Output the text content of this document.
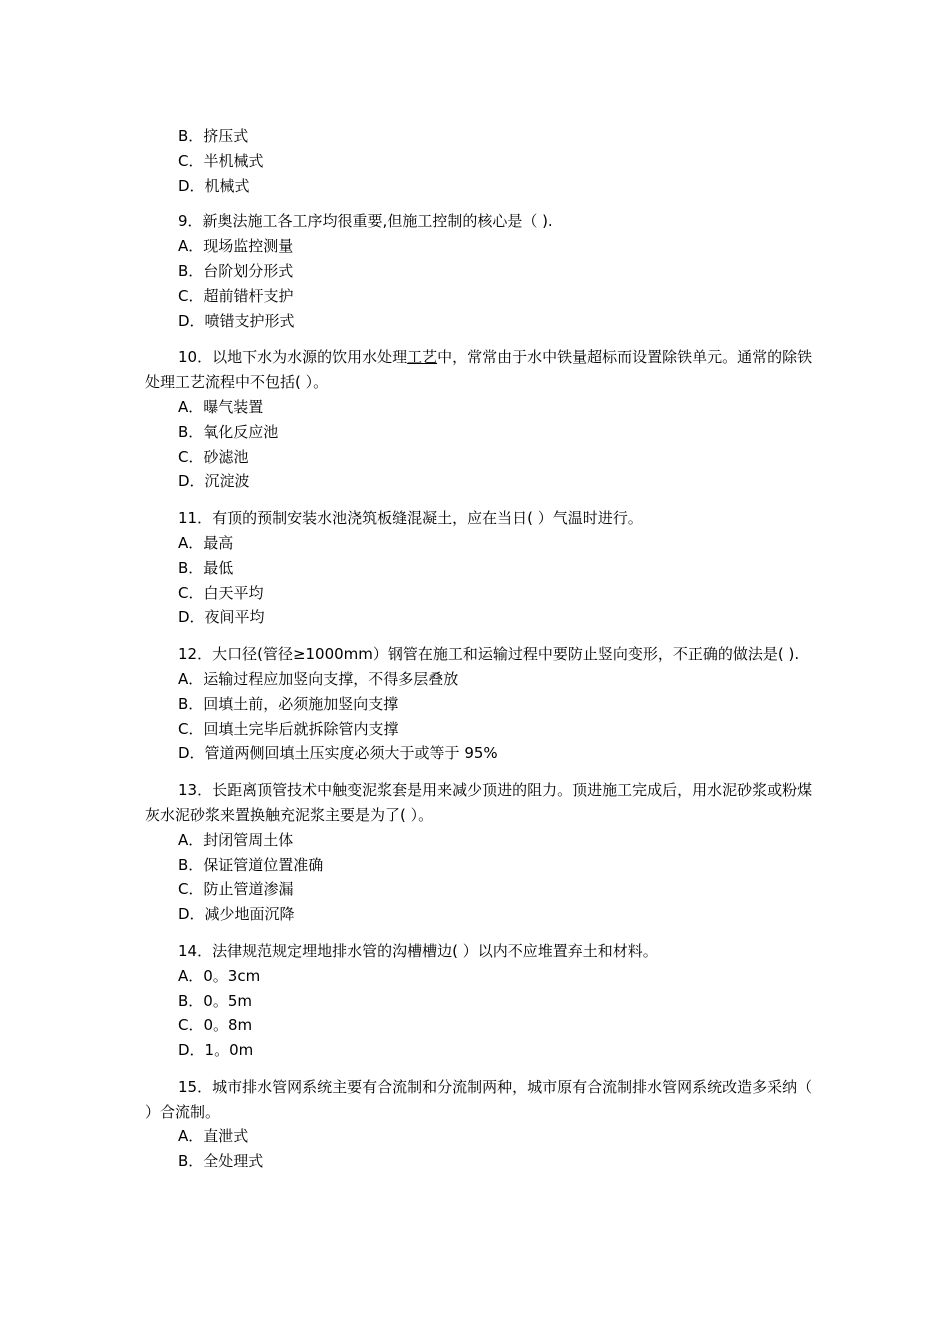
B．挤压式
C．半机械式
D．机械式
9．新奥法施工各工序均很重要,但施工控制的核心是（ ).
A．现场监控测量
B．台阶划分形式
C．超前错杆支护
D．喷错支护形式
10．以地下水为水源的饮用水处理工艺中，常常由于水中铁量超标而设置除铁单元。通常的除铁处理工艺流程中不包括( ）。
A．曝气装置
B．氧化反应池
C．砂滤池
D．沉淀波
11．有顶的预制安装水池浇筑板缝混凝土，应在当日( ）气温时进行。
A．最高
B．最低
C．白天平均
D．夜间平均
12．大口径(管径≥1000mm）钢管在施工和运输过程中要防止竖向变形，不正确的做法是( ).
A．运输过程应加竖向支撑，不得多层叠放
B．回填土前，必须施加竖向支撑
C．回填土完毕后就拆除管内支撑
D．管道两侧回填土压实度必须大于或等于 95%
13．长距离顶管技术中触变泥浆套是用来减少顶进的阻力。顶进施工完成后，用水泥砂浆或粉煤灰水泥砂浆来置换触充泥浆主要是为了( ）。
A．封闭管周土体
B．保证管道位置准确
C．防止管道渗漏
D．减少地面沉降
14．法律规范规定埋地排水管的沟槽槽边( ）以内不应堆置弃土和材料。
A．0。3cm
B．0。5m
C．0。8m
D．1。0m
15．城市排水管网系统主要有合流制和分流制两种，城市原有合流制排水管网系统改造多采纳（ ）合流制。
A．直泄式
B．全处理式
